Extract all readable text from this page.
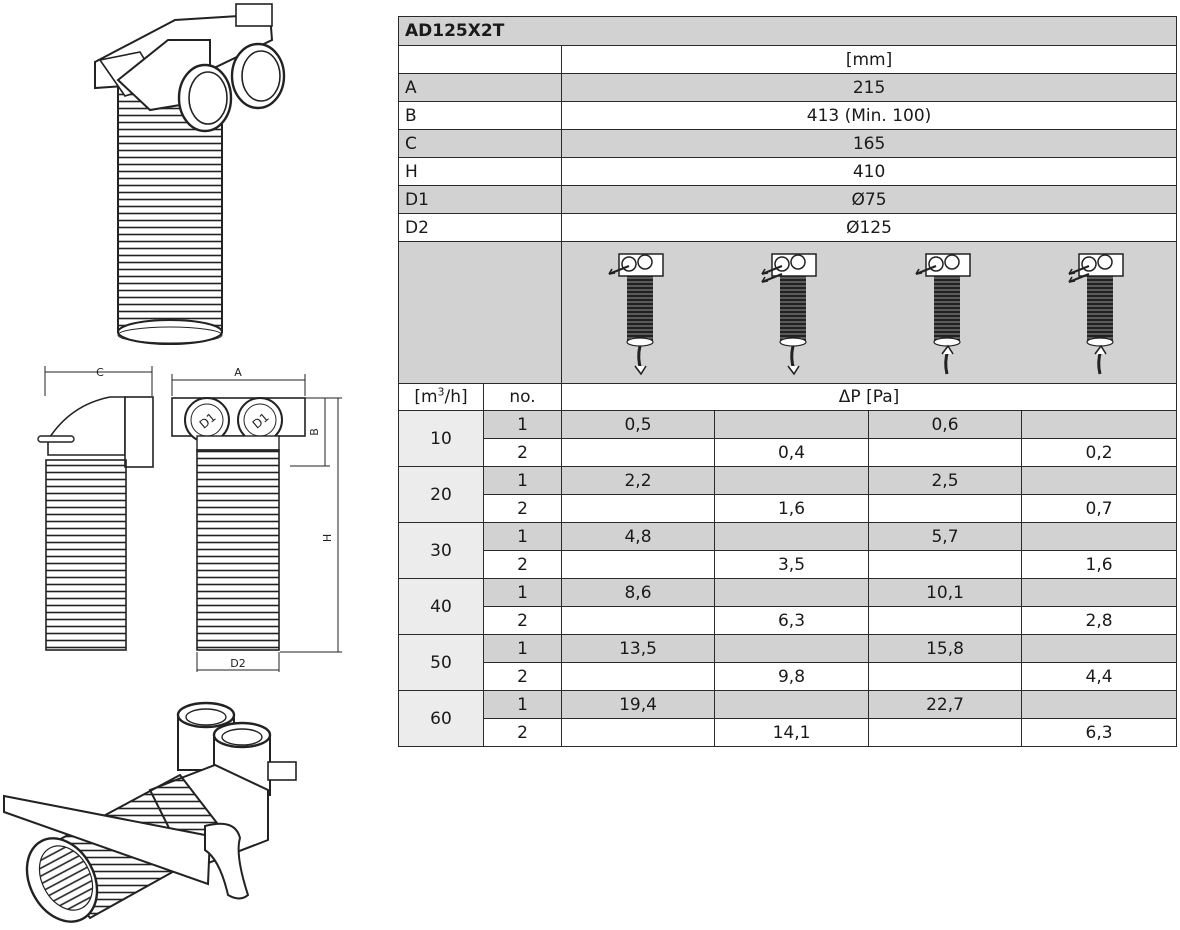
C	A
D1	D1
B
H
D2
AD125X2T					
		[mm]			
A		215			
B		413 (Min. 100)			
C		165			
H		410			
D1		Ø75			
D2		Ø125			

$[m^3/h]$	no.	ΔP [Pa]			
10	1	0,5		0,6	
	2		0,4		0,2
20	1	2,2		2,5	
	2		1,6		0,7
30	1	4,8		5,7	
	2		3,5		1,6
40	1	8,6		10,1	
	2		6,3		2,8
50	1	13,5		15,8	
	2		9,8		4,4
60	1	19,4		22,7	
	2		14,1		6,3
